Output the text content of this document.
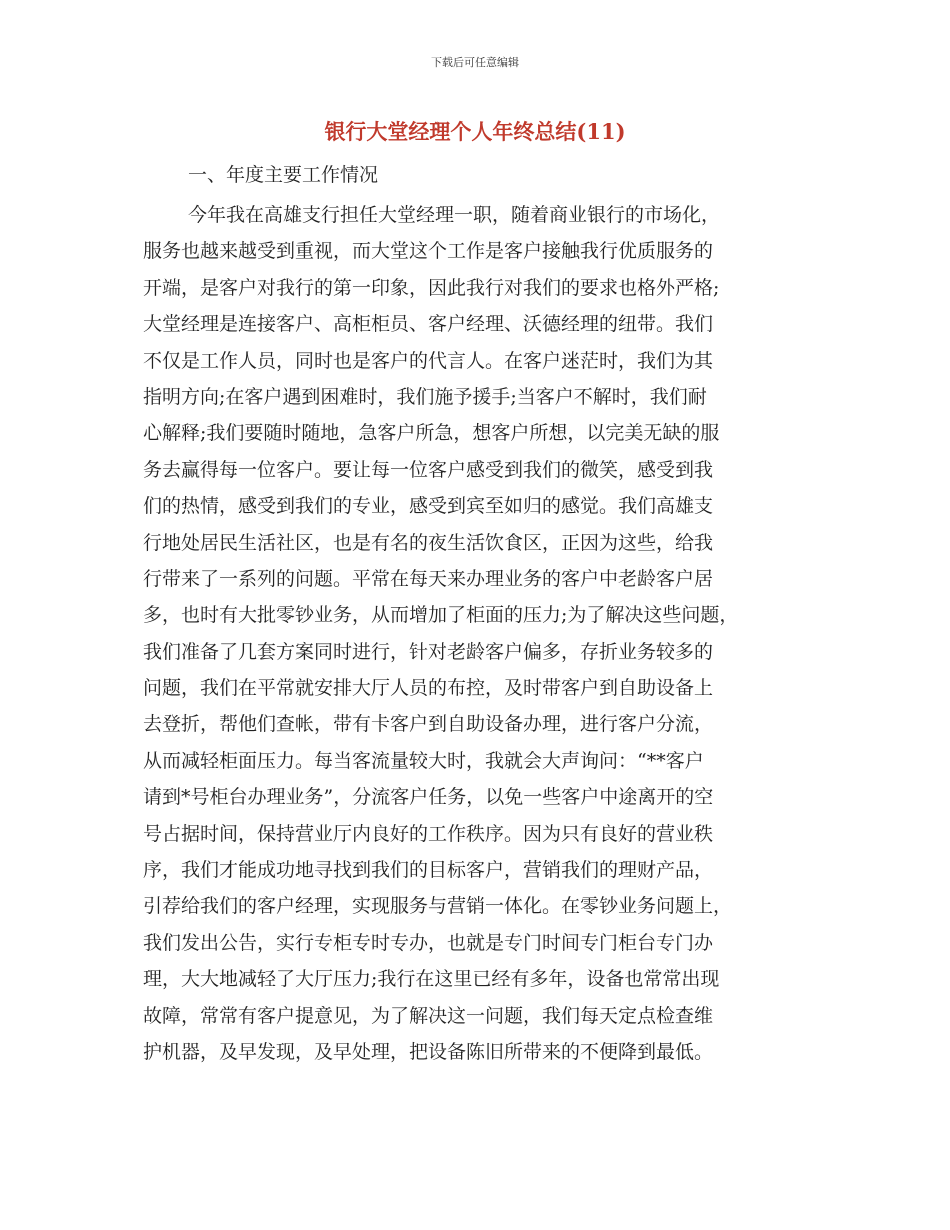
下载后可任意编辑
银行大堂经理个人年终总结(11)
一、年度主要工作情况
今年我在高雄支行担任大堂经理一职，随着商业银行的市场化，
服务也越来越受到重视，而大堂这个工作是客户接触我行优质服务的
开端，是客户对我行的第一印象，因此我行对我们的要求也格外严格;
大堂经理是连接客户、高柜柜员、客户经理、沃德经理的纽带。我们
不仅是工作人员，同时也是客户的代言人。在客户迷茫时，我们为其
指明方向;在客户遇到困难时，我们施予援手;当客户不解时，我们耐
心解释;我们要随时随地，急客户所急，想客户所想，以完美无缺的服
务去赢得每一位客户。要让每一位客户感受到我们的微笑，感受到我
们的热情，感受到我们的专业，感受到宾至如归的感觉。我们高雄支
行地处居民生活社区，也是有名的夜生活饮食区，正因为这些，给我
行带来了一系列的问题。平常在每天来办理业务的客户中老龄客户居
多，也时有大批零钞业务，从而增加了柜面的压力;为了解决这些问题，
我们准备了几套方案同时进行，针对老龄客户偏多，存折业务较多的
问题，我们在平常就安排大厅人员的布控，及时带客户到自助设备上
去登折，帮他们查帐，带有卡客户到自助设备办理，进行客户分流，
从而减轻柜面压力。每当客流量较大时，我就会大声询问：“**客户
请到*号柜台办理业务”，分流客户任务，以免一些客户中途离开的空
号占据时间，保持营业厅内良好的工作秩序。因为只有良好的营业秩
序，我们才能成功地寻找到我们的目标客户，营销我们的理财产品，
引荐给我们的客户经理，实现服务与营销一体化。在零钞业务问题上，
我们发出公告，实行专柜专时专办，也就是专门时间专门柜台专门办
理，大大地减轻了大厅压力;我行在这里已经有多年，设备也常常出现
故障，常常有客户提意见，为了解决这一问题，我们每天定点检查维
护机器，及早发现，及早处理，把设备陈旧所带来的不便降到最低。
